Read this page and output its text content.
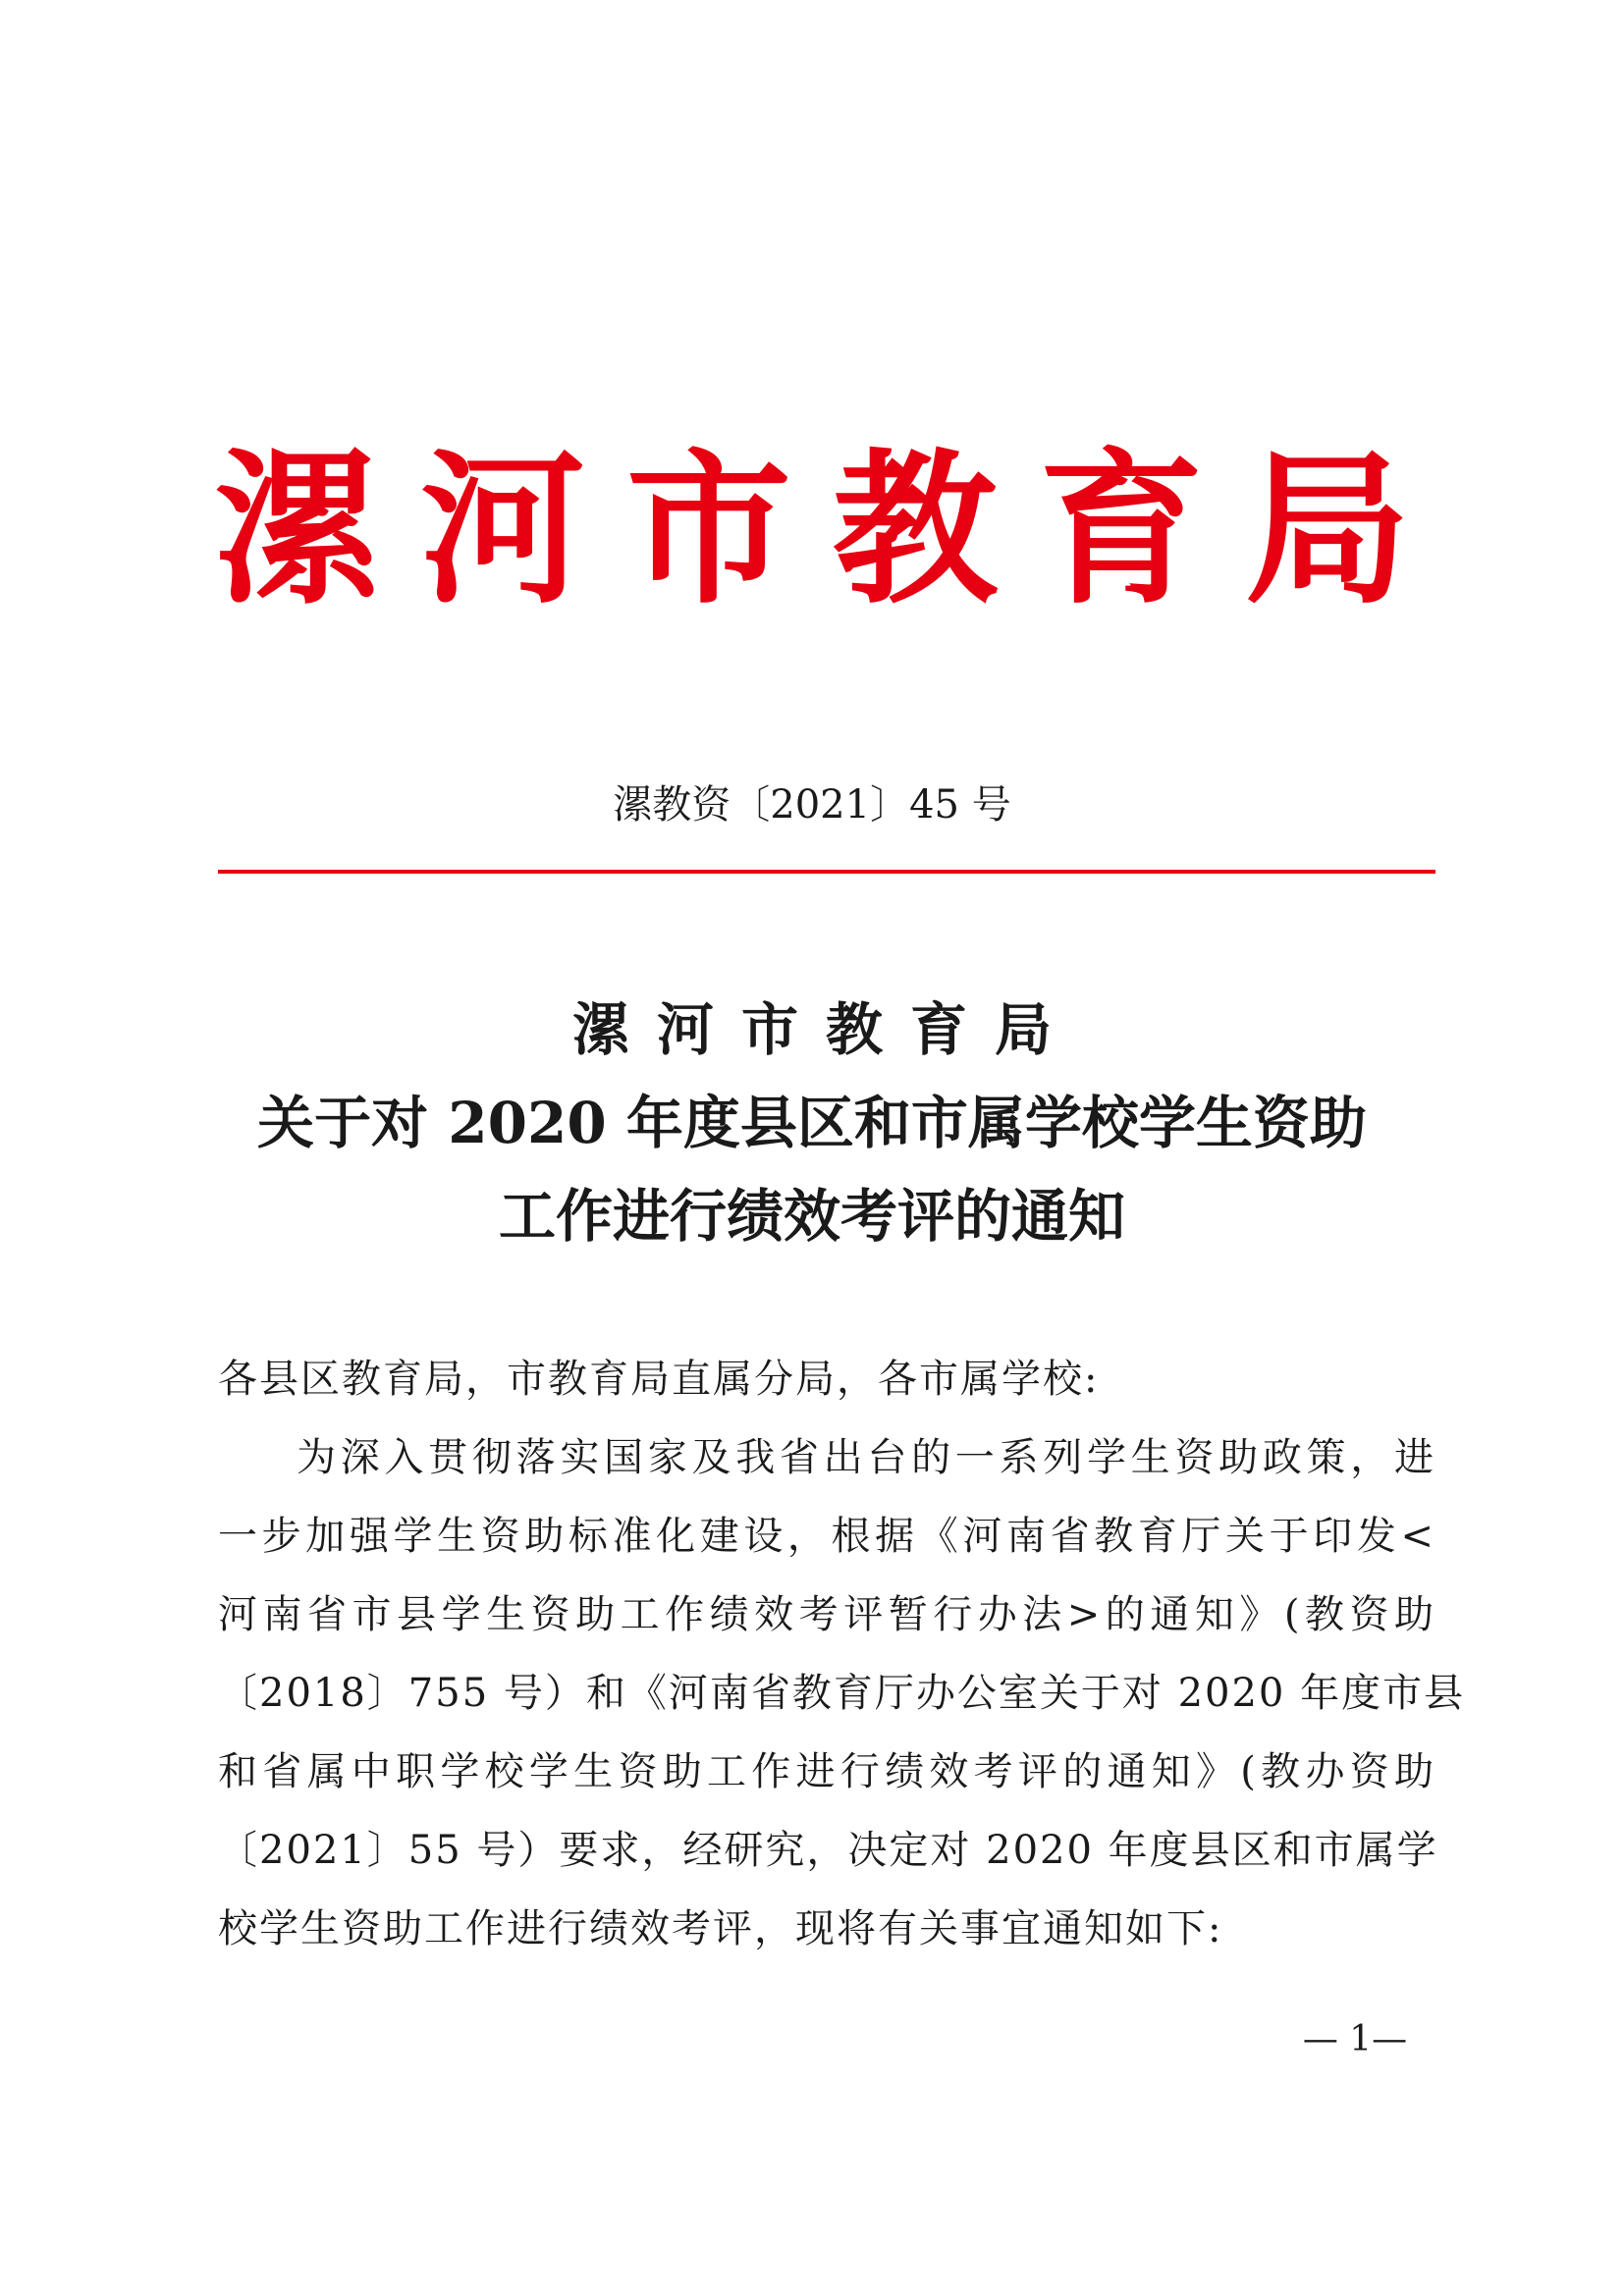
漯河市教育局
漯教资〔2021〕45 号
漯河市教育局
关于对 2020 年度县区和市属学校学生资助
工作进行绩效考评的通知
各县区教育局，市教育局直属分局，各市属学校:
为深入贯彻落实国家及我省出台的一系列学生资助政策，进
一步加强学生资助标准化建设，根据《河南省教育厅关于印发<
河南省市县学生资助工作绩效考评暂行办法>的通知》(教资助
〔2018〕755 号）和《河南省教育厅办公室关于对 2020 年度市县
和省属中职学校学生资助工作进行绩效考评的通知》(教办资助
〔2021〕55 号）要求，经研究，决定对 2020 年度县区和市属学
校学生资助工作进行绩效考评，现将有关事宜通知如下:
— 1—
